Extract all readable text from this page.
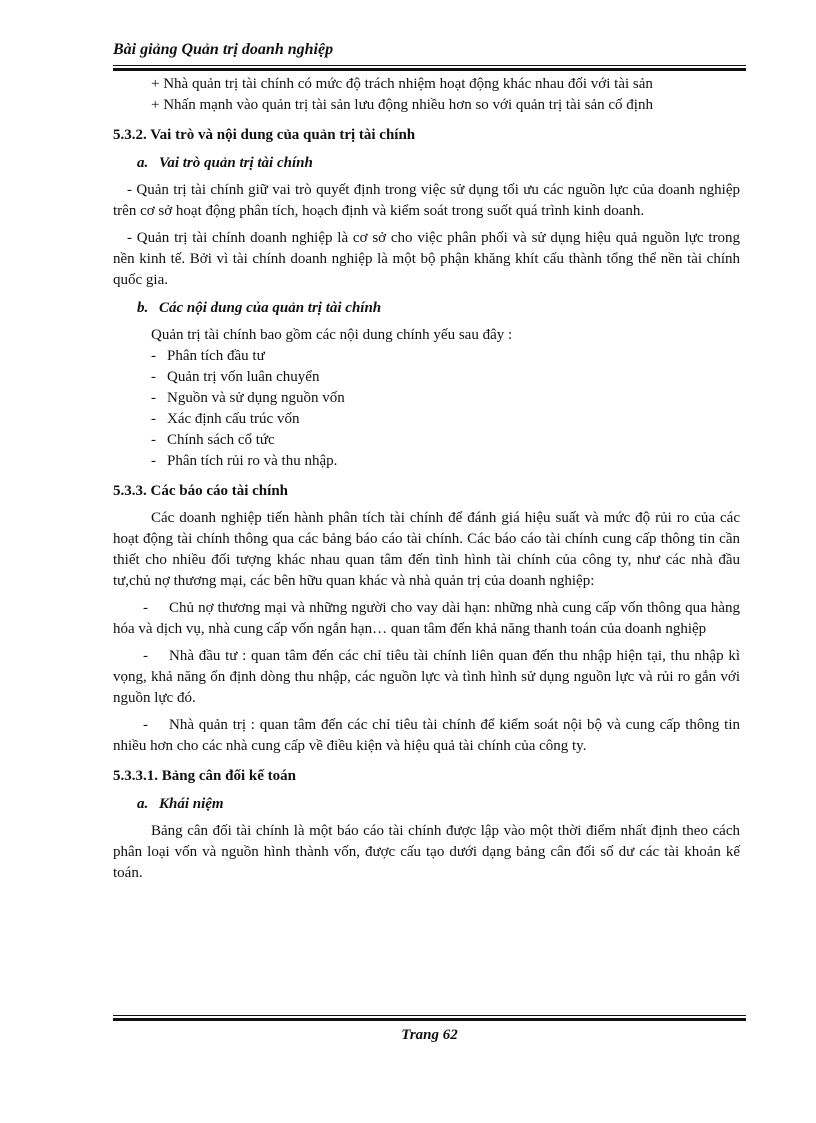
Bài giảng Quản trị doanh nghiệp
+ Nhà quản trị tài chính có mức độ trách nhiệm hoạt động khác nhau đối với tài sản
+ Nhấn mạnh vào quản trị tài sản lưu động nhiều hơn so với quản trị tài sản cố định
5.3.2. Vai trò và nội dung của quản trị tài chính
a. Vai trò quản trị tài chính
- Quản trị tài chính giữ vai trò quyết định trong việc sử dụng tối ưu các nguồn lực của doanh nghiệp trên cơ sở hoạt động phân tích, hoạch định và kiểm soát trong suốt quá trình kinh doanh.
- Quản trị tài chính doanh nghiệp là cơ sở cho việc phân phối và sử dụng hiệu quả nguồn lực trong nền kinh tế. Bởi vì tài chính doanh nghiệp là một bộ phận khăng khít cấu thành tổng thể nền tài chính quốc gia.
b. Các nội dung của quản trị tài chính
Quản trị tài chính bao gồm các nội dung chính yếu sau đây :
- Phân tích đầu tư
- Quản trị vốn luân chuyển
- Nguồn và sử dụng nguồn vốn
- Xác định cấu trúc vốn
- Chính sách cổ tức
- Phân tích rủi ro và thu nhập.
5.3.3. Các báo cáo tài chính
Các doanh nghiệp tiến hành phân tích tài chính để đánh giá hiệu suất và mức độ rủi ro của các hoạt động tài chính thông qua các bảng báo cáo tài chính. Các báo cáo tài chính cung cấp thông tin cần thiết cho nhiều đối tượng khác nhau quan tâm đến tình hình tài chính của công ty, như các nhà đầu tư,chủ nợ thương mại, các bên hữu quan khác và nhà quản trị của doanh nghiệp:
- Chủ nợ thương mại và những người cho vay dài hạn: những nhà cung cấp vốn thông qua hàng hóa và dịch vụ, nhà cung cấp vốn ngắn hạn… quan tâm đến khả năng thanh toán của doanh nghiệp
- Nhà đầu tư : quan tâm đến các chỉ tiêu tài chính liên quan đến thu nhập hiện tại, thu nhập kì vọng, khả năng ổn định dòng thu nhập, các nguồn lực và tình hình sử dụng nguồn lực và rủi ro gắn với nguồn lực đó.
- Nhà quản trị : quan tâm đến các chỉ tiêu tài chính để kiểm soát nội bộ và cung cấp thông tin nhiều hơn cho các nhà cung cấp về điều kiện và hiệu quả tài chính của công ty.
5.3.3.1. Bảng cân đối kế toán
a. Khái niệm
Bảng cân đối tài chính là một báo cáo tài chính được lập vào một thời điểm nhất định theo cách phân loại vốn và nguồn hình thành vốn, được cấu tạo dưới dạng bảng cân đối số dư các tài khoản kế toán.
Trang 62
